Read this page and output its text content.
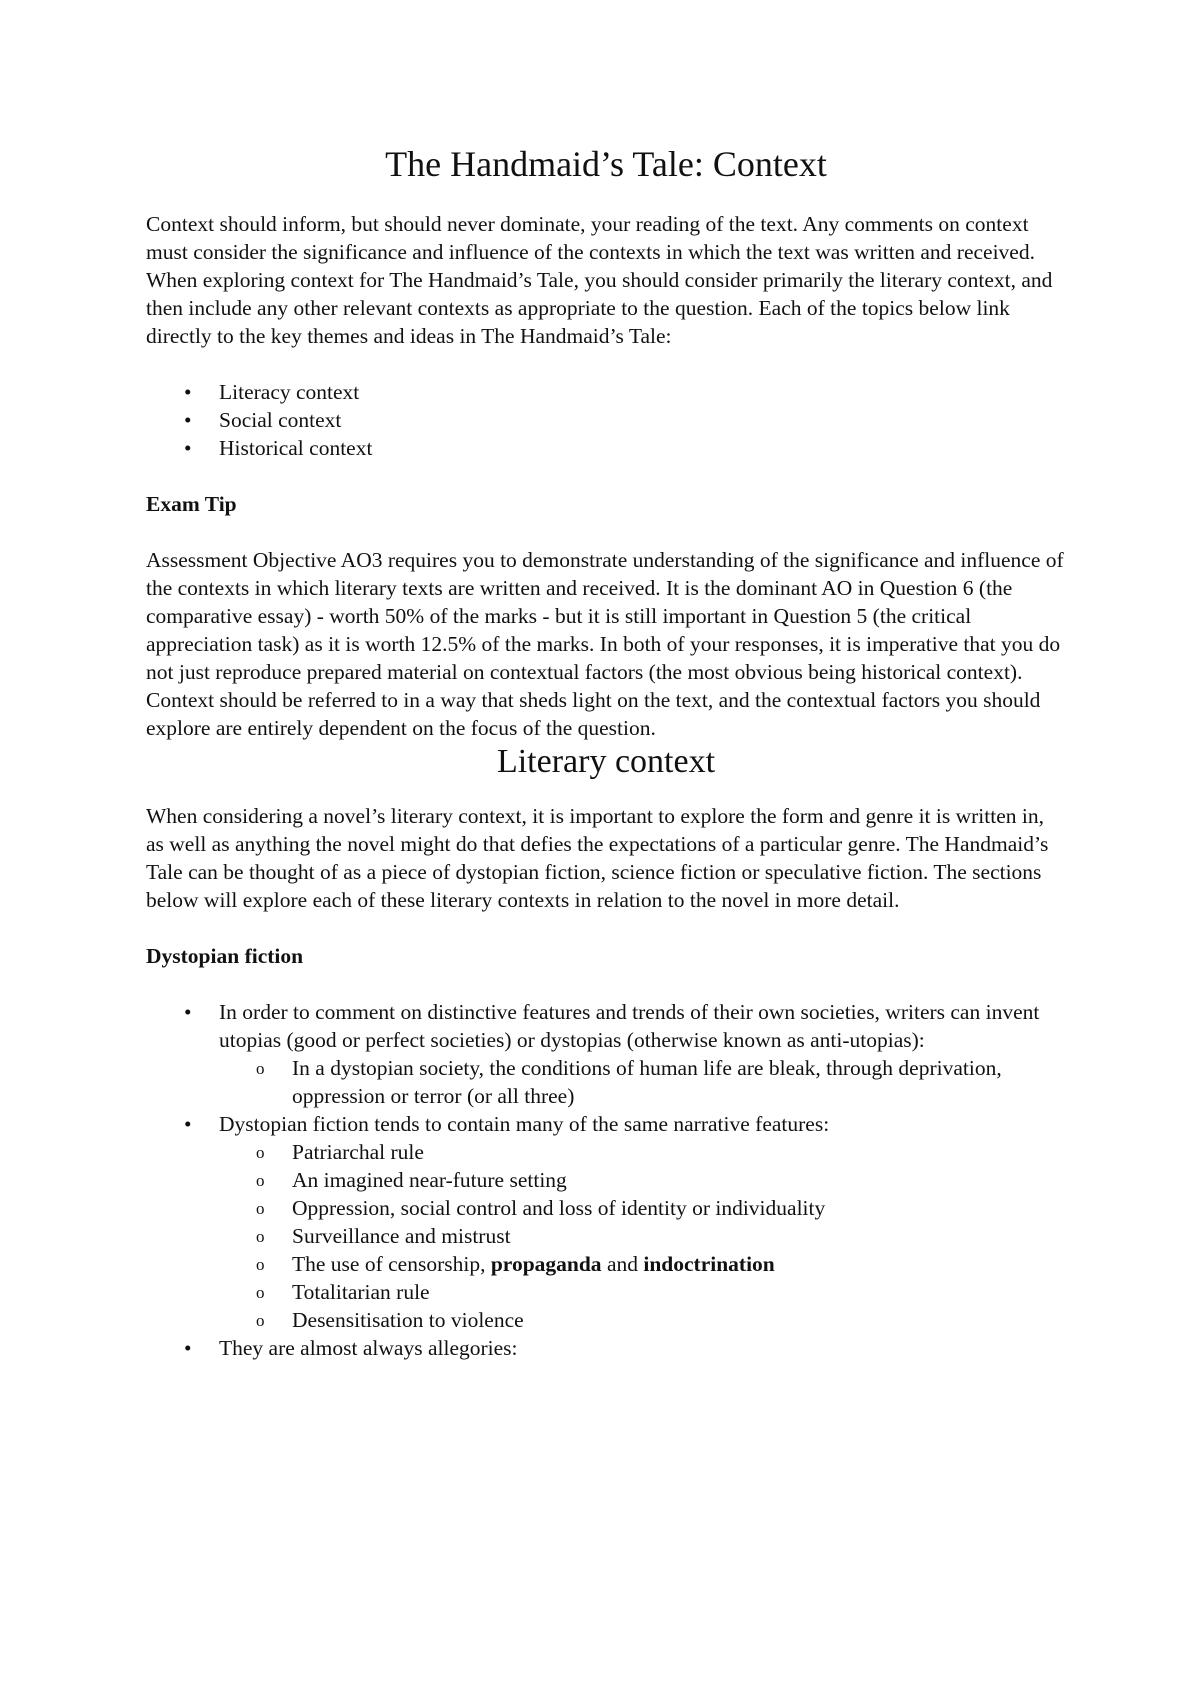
The Handmaid’s Tale: Context

Context should inform, but should never dominate, your reading of the text. Any comments on context must consider the significance and influence of the contexts in which the text was written and received. When exploring context for The Handmaid’s Tale, you should consider primarily the literary context, and then include any other relevant contexts as appropriate to the question. Each of the topics below link directly to the key themes and ideas in The Handmaid’s Tale:

• Literacy context
• Social context
• Historical context
Exam Tip

Assessment Objective AO3 requires you to demonstrate understanding of the significance and influence of the contexts in which literary texts are written and received. It is the dominant AO in Question 6 (the comparative essay) - worth 50% of the marks - but it is still important in Question 5 (the critical appreciation task) as it is worth 12.5% of the marks. In both of your responses, it is imperative that you do not just reproduce prepared material on contextual factors (the most obvious being historical context). Context should be referred to in a way that sheds light on the text, and the contextual factors you should explore are entirely dependent on the focus of the question.

Literary context

When considering a novel’s literary context, it is important to explore the form and genre it is written in, as well as anything the novel might do that defies the expectations of a particular genre. The Handmaid’s Tale can be thought of as a piece of dystopian fiction, science fiction or speculative fiction. The sections below will explore each of these literary contexts in relation to the novel in more detail.

Dystopian fiction
• In order to comment on distinctive features and trends of their own societies, writers can invent utopias (good or perfect societies) or dystopias (otherwise known as anti-utopias):
o In a dystopian society, the conditions of human life are bleak, through deprivation, oppression or terror (or all three)
• Dystopian fiction tends to contain many of the same narrative features:
o Patriarchal rule
o An imagined near-future setting
o Oppression, social control and loss of identity or individuality
o Surveillance and mistrust
o The use of censorship, propaganda and indoctrination
o Totalitarian rule
o Desensitisation to violence
• They are almost always allegories:
